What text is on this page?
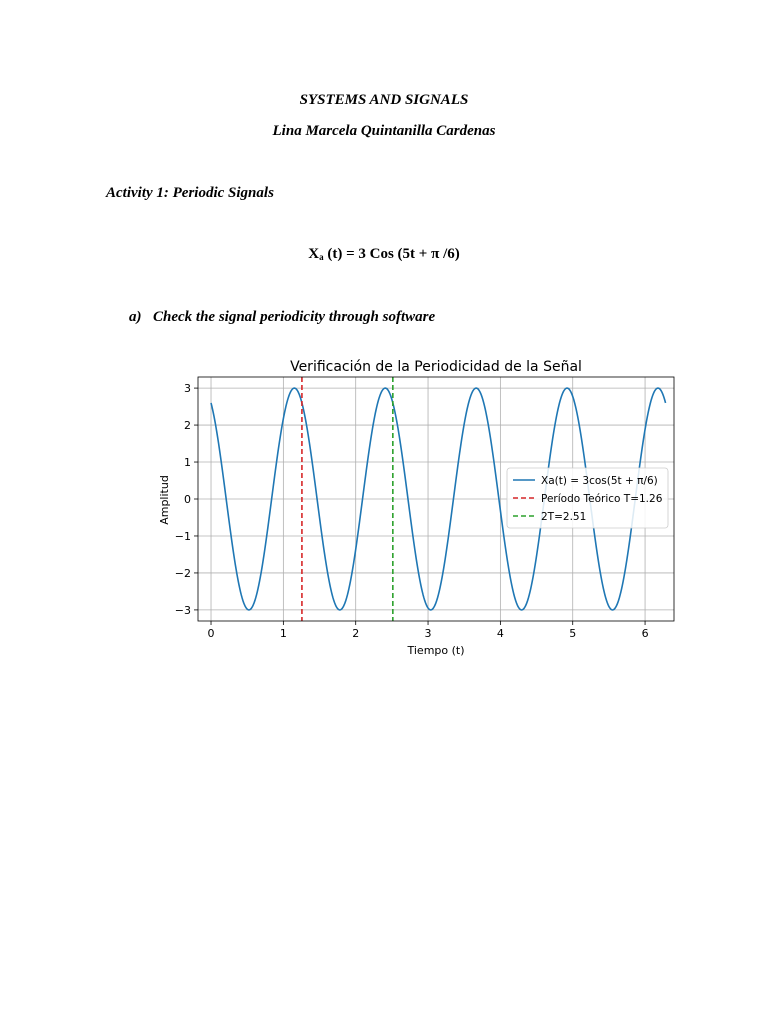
SYSTEMS AND SIGNALS
Lina Marcela Quintanilla Cardenas
Activity 1: Periodic Signals
$X_a$ (t) = 3 Cos (5t + π /6)
a) Check the signal periodicity through software
Verificación de la Periodicidad de la Señal
Tiempo (t)
Amplitud
0	1	2	3	4	5	6
−3
−2
−1
0
1
2
3
Xa(t) = 3cos(5t + π/6)
Período Teórico T=1.26
2T=2.51
